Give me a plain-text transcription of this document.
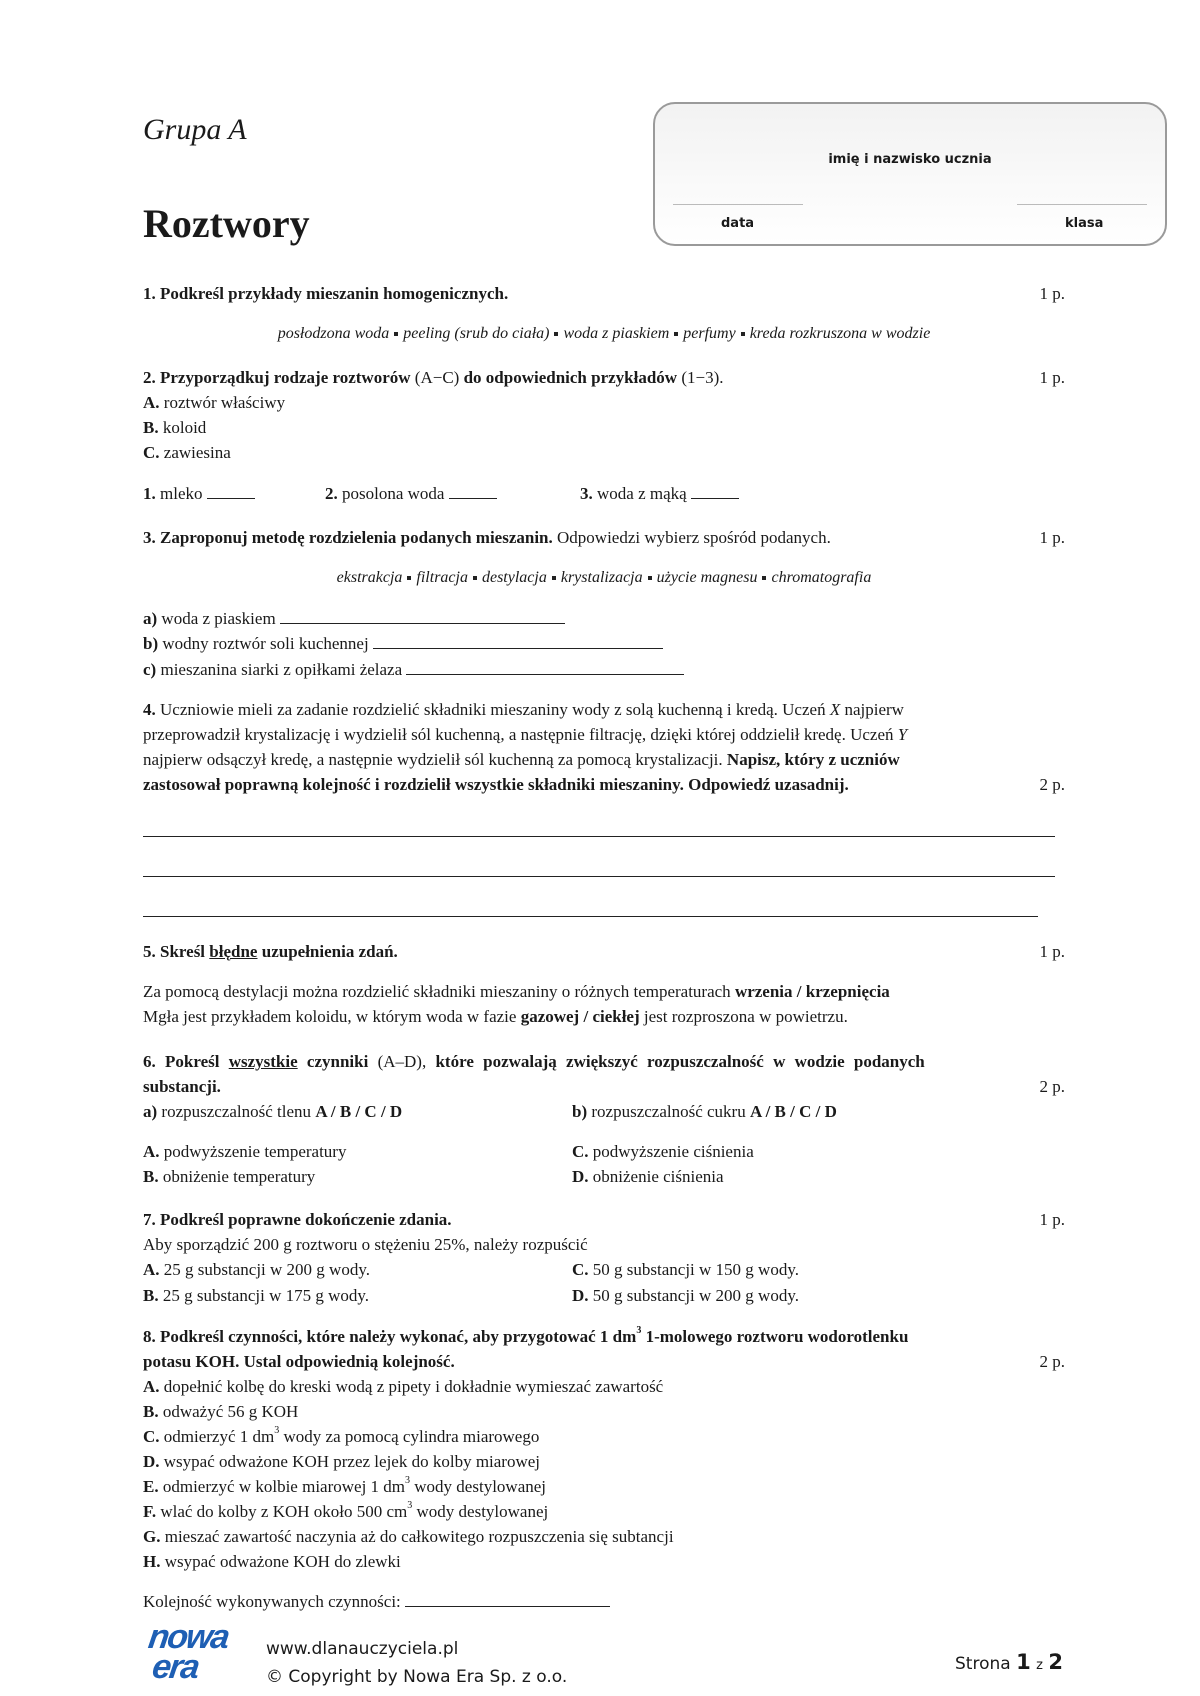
Grupa A
Roztwory
imię i nazwisko ucznia
data	klasa
1. Podkreśl przykłady mieszanin homogenicznych.	1 p.
posłodzona woda peeling (srub do ciała) woda z piaskiem perfumy kreda rozkruszona w wodzie
2. Przyporządkuj rodzaje roztworów (A−C) do odpowiednich przykładów (1−3).	1 p.
A. roztwór właściwy
B. koloid
C. zawiesina
1. mleko	2. posolona woda	3. woda z mąką
3. Zaproponuj metodę rozdzielenia podanych mieszanin. Odpowiedzi wybierz spośród podanych.	1 p.
ekstrakcja filtracja destylacja krystalizacja użycie magnesu chromatografia
a) woda z piaskiem
b) wodny roztwór soli kuchennej
c) mieszanina siarki z opiłkami żelaza
4. Uczniowie mieli za zadanie rozdzielić składniki mieszaniny wody z solą kuchenną i kredą. Uczeń X najpierw
przeprowadził krystalizację i wydzielił sól kuchenną, a następnie filtrację, dzięki której oddzielił kredę. Uczeń Y
najpierw odsączył kredę, a następnie wydzielił sól kuchenną za pomocą krystalizacji. Napisz, który z uczniów
zastosował poprawną kolejność i rozdzielił wszystkie składniki mieszaniny. Odpowiedź uzasadnij.	2 p.
5. Skreśl błędne uzupełnienia zdań.	1 p.
Za pomocą destylacji można rozdzielić składniki mieszaniny o różnych temperaturach wrzenia / krzepnięcia
Mgła jest przykładem koloidu, w którym woda w fazie gazowej / ciekłej jest rozproszona w powietrzu.
6. Pokreśl wszystkie czynniki (A–D), które pozwalają zwiększyć rozpuszczalność w wodzie podanych
substancji.	2 p.
a) rozpuszczalność tlenu A / B / C / D	b) rozpuszczalność cukru A / B / C / D
A. podwyższenie temperatury	C. podwyższenie ciśnienia
B. obniżenie temperatury	D. obniżenie ciśnienia
7. Podkreśl poprawne dokończenie zdania.	1 p.
Aby sporządzić 200 g roztworu o stężeniu 25%, należy rozpuścić
A. 25 g substancji w 200 g wody.	C. 50 g substancji w 150 g wody.
B. 25 g substancji w 175 g wody.	D. 50 g substancji w 200 g wody.
8. Podkreśl czynności, które należy wykonać, aby przygotować 1 $dm^3$ 1-molowego roztworu wodorotlenku
potasu KOH. Ustal odpowiednią kolejność.	2 p.
A. dopełnić kolbę do kreski wodą z pipety i dokładnie wymieszać zawartość
B. odważyć 56 g KOH
C. odmierzyć 1 $dm^3$ wody za pomocą cylindra miarowego
D. wsypać odważone KOH przez lejek do kolby miarowej
E. odmierzyć w kolbie miarowej 1 $dm^3$ wody destylowanej
F. wlać do kolby z KOH około 500 $cm^3$ wody destylowanej
G. mieszać zawartość naczynia aż do całkowitego rozpuszczenia się subtancji
H. wsypać odważone KOH do zlewki
Kolejność wykonywanych czynności:
nowa
era	www.dlanauczyciela.pl
© Copyright by Nowa Era Sp. z o.o.
Strona 1 z 2
